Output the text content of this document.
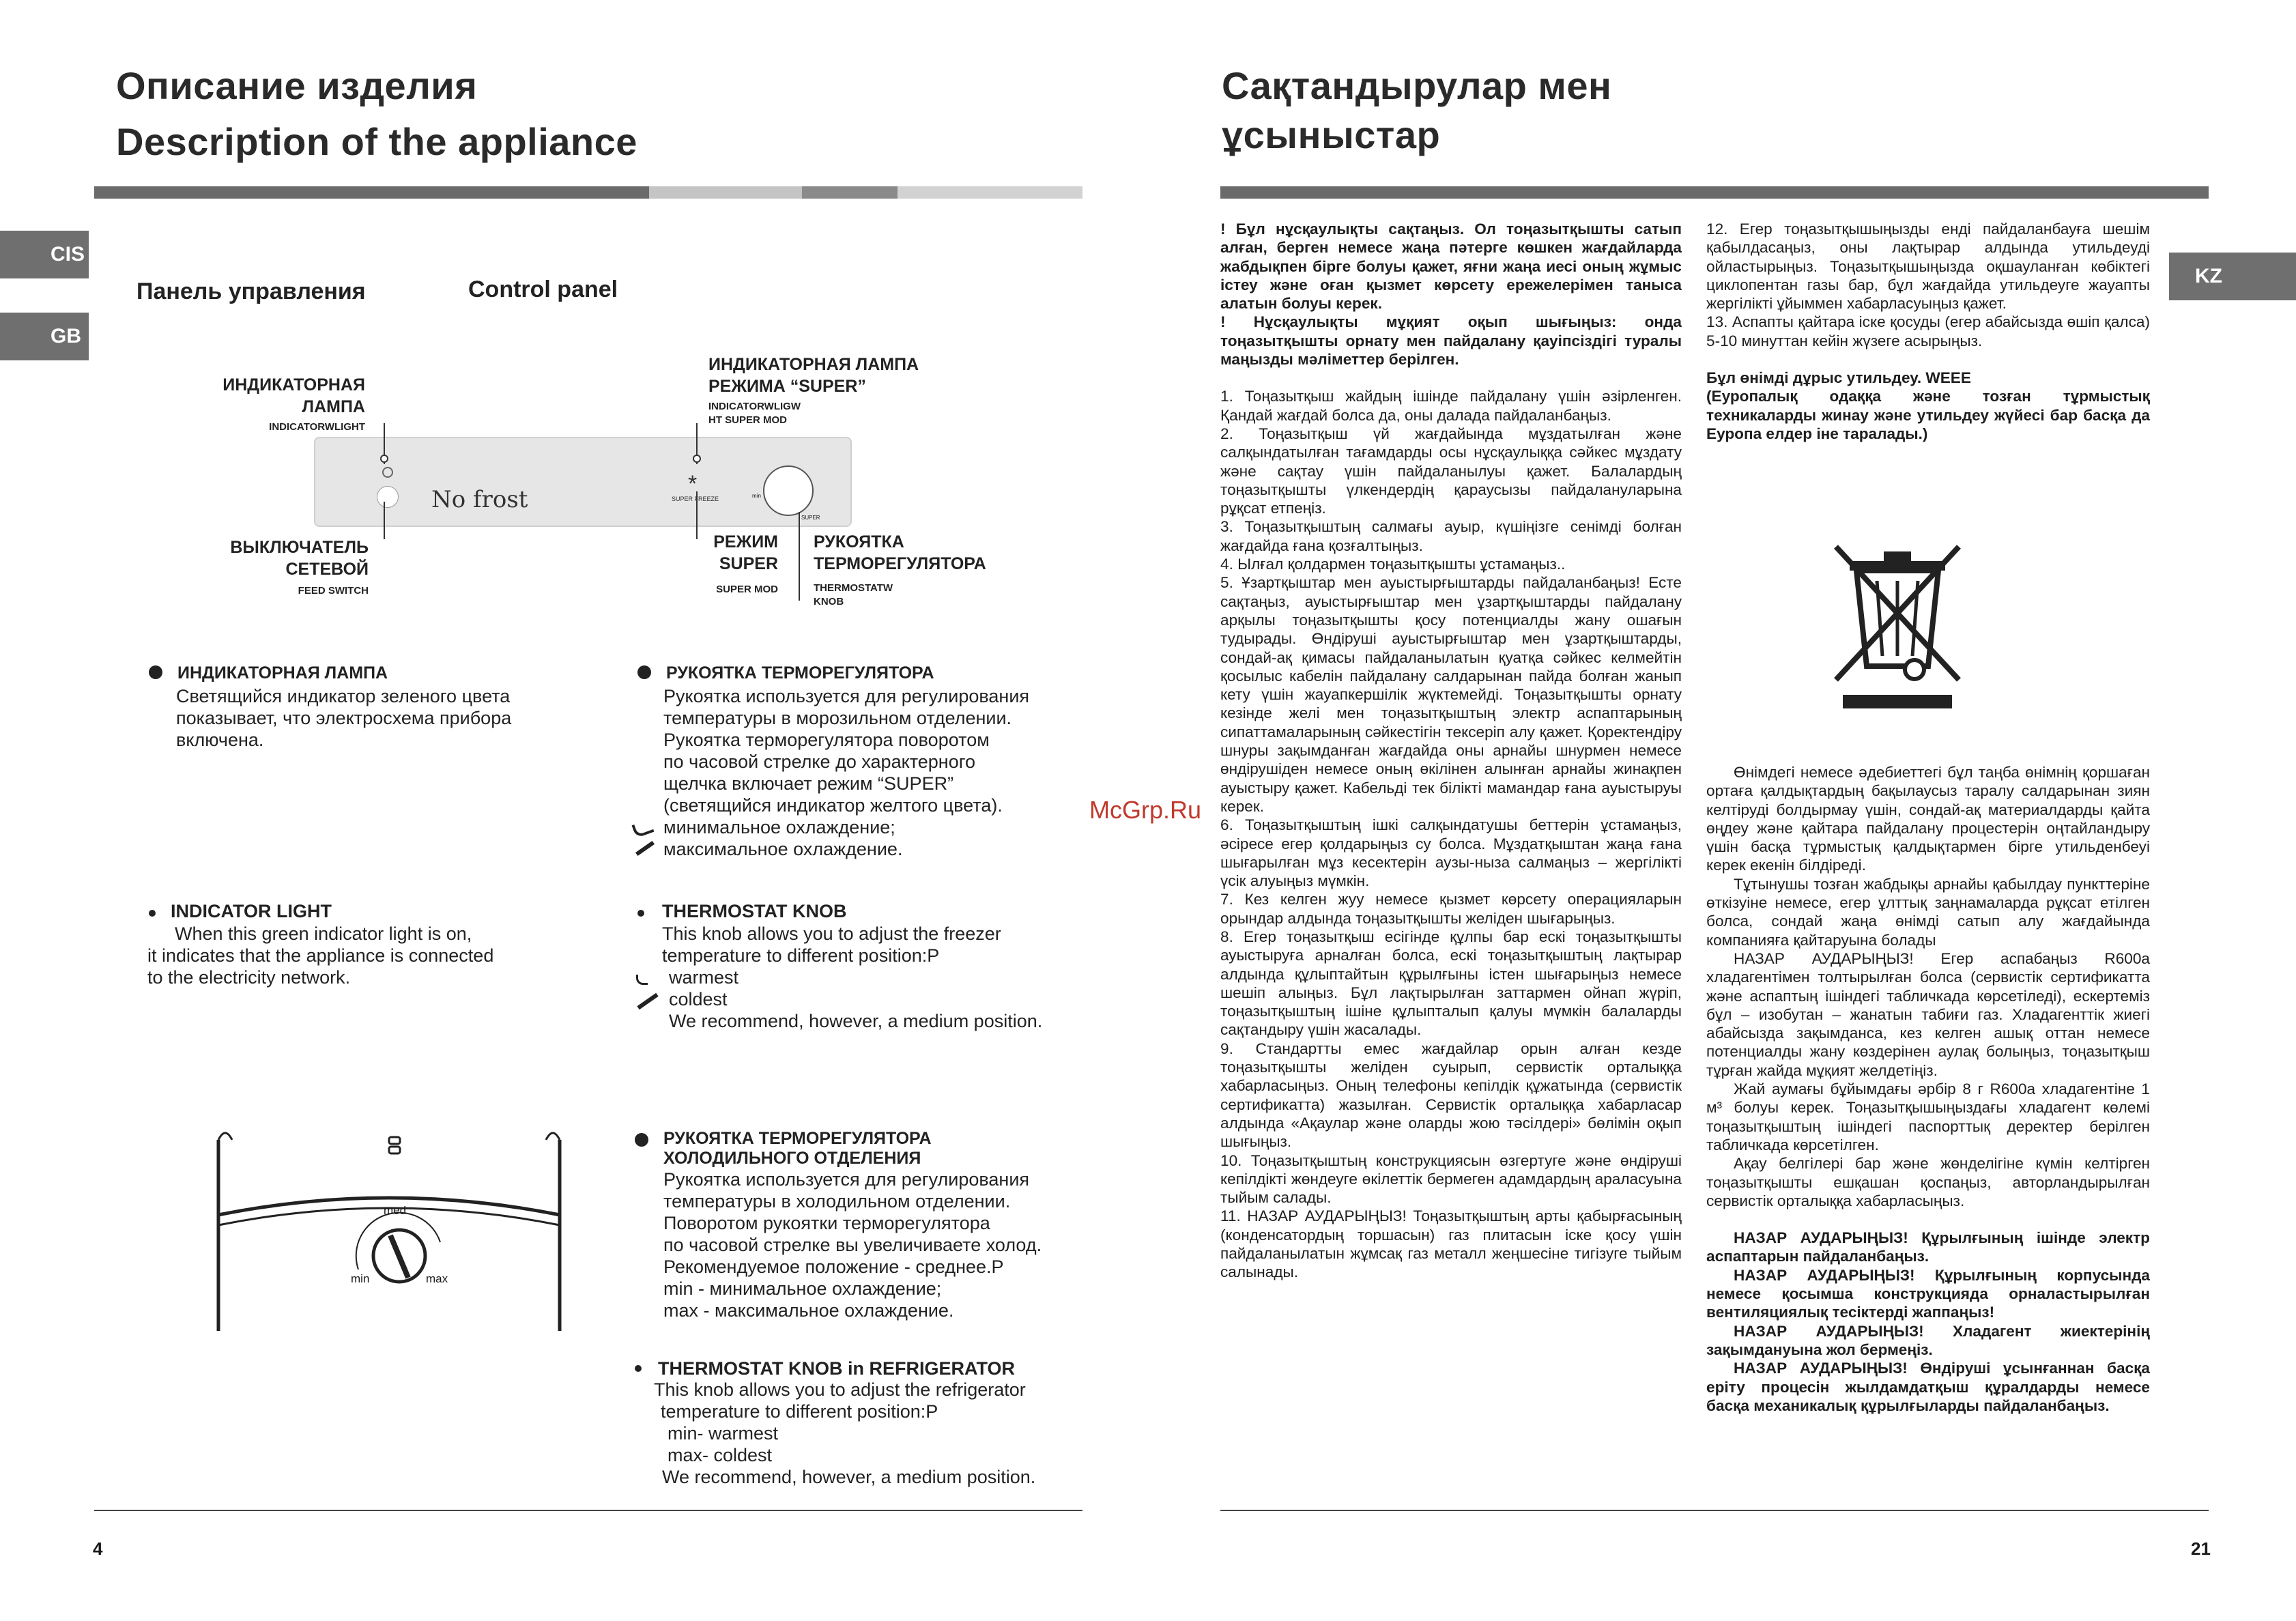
Описание изделия
Description of the appliance
CIS
GB
Панель управления	Control panel
ИНДИКАТОРНАЯ
ЛАМПА
INDICATORWLIGHT
ИНДИКАТОРНАЯ ЛАМПА
РЕЖИМА “SUPER”
INDICATORWLIGW
HT SUPER MOD
No frost
*
SUPER FREEZE	min
SUPER
ВЫКЛЮЧАТЕЛЬ
СЕТЕВОЙ
FEED SWITCH
РЕЖИМ
SUPER
SUPER MOD
РУКОЯТКА
ТЕРМОРЕГУЛЯТОРА
THERMOSTATW
KNOB
ИНДИКАТОРНАЯ ЛАМПА
Светящийся индикатор зеленого цвета
показывает, что электросхема прибора
включена.
INDICATOR LIGHT
When this green indicator light is on,
it indicates that the appliance is connected
to the electricity network.
РУКОЯТКА ТЕРМОРЕГУЛЯТОРА
Рукоятка используется для регулирования
температуры в морозильном отделении.
Рукоятка терморегулятора поворотом
по часовой стрелке до характерного
щелчка включает режим “SUPER”
(светящийся индикатор желтого цвета).
минимальное охлаждение;
максимальное охлаждение.
THERMOSTAT KNOB
This knob allows you to adjust the freezer
temperature to different position:P
warmest
coldest
We recommend, however, a medium position.
med
min	max
РУКОЯТКА ТЕРМОРЕГУЛЯТОРА
ХОЛОДИЛЬНОГО ОТДЕЛЕНИЯ
Рукоятка используется для регулирования
температуры в холодильном отделении.
Поворотом рукоятки терморегулятора
по часовой стрелке вы увеличиваете холод.
Рекомендуемое положение - среднее.P
min - минимальное охлаждение;
max - максимальное охлаждение.
THERMOSTAT KNOB in REFRIGERATOR
This knob allows you to adjust the refrigerator
temperature to different position:P
min- warmest
max- coldest
We recommend, however, a medium position.
4
McGrp.Ru
Сақтандырулар мен
ұсыныстар
KZ

! Бұл нұсқаулықты сақтаңыз. Ол тоңазытқышты сатып алған, берген немесе жаңа пәтерге көшкен жағдайларда жабдықпен бірге болуы қажет, яғни жаңа иесі оның жұмыс істеу және оған қызмет көрсету ережелерімен таныса алатын болуы керек.

! Нұсқаулықты мұқият оқып шығыңыз: онда тоңазытқышты орнату мен пайдалану қауіпсіздігі туралы маңызды мәліметтер берілген.

1. Тоңазытқыш жайдың ішінде пайдалану үшін әзірленген. Қандай жағдай болса да, оны далада пайдаланбаңыз.

2. Тоңазытқыш үй жағдайында мұздатылған және салқындатылған тағамдарды осы нұсқаулыққа сәйкес мұздату және сақтау үшін пайдаланылуы қажет. Балалардың тоңазытқышты үлкендердің қараусызы пайдалануларына рұқсат етпеңіз.

3. Тоңазытқыштың салмағы ауыр, күшіңізге сенімді болған жағдайда ғана қозғалтыңыз.

4. Ылғал қолдармен тоңазытқышты ұстамаңыз..

5. Ұзартқыштар мен ауыстырғыштарды пайдаланбаңыз! Есте сақтаңыз, ауыстырғыштар мен ұзартқыштарды пайдалану арқылы тоңазытқышты қосу потенциалды жану ошағын тудырады. Өндіруші ауыстырғыштар мен ұзартқыштарды, сондай-ақ қимасы пайдаланылатын қуатқа сәйкес келмейтін қосылыс кабелін пайдалану салдарынан пайда болған жанып кету үшін жауапкершілік жүктемейді. Тоңазытқышты орнату кезінде желі мен тоңазытқыштың электр аспаптарының сипаттамаларының сәйкестігін тексеріп алу қажет. Қоректендіру шнуры зақымданған жағдайда оны арнайы шнурмен немесе өндірушіден немесе оның өкілінен алынған арнайы жинақпен ауыстыру қажет. Кабельді тек білікті мамандар ғана ауыстыруы керек.

6. Тоңазытқыштың ішкі салқындатушы беттерін ұстамаңыз, әсіресе егер қолдарыңыз су болса. Мұздатқыштан жаңа ғана шығарылған мұз кесектерін аузы-ныза салмаңыз – жергілікті үсік алуыңыз мүмкін.

7. Кез келген жуу немесе қызмет көрсету операцияларын орындар алдында тоңазытқышты желіден шығарыңыз.

8. Егер тоңазытқыш есігінде құлпы бар ескі тоңазытқышты ауыстыруға арналған болса, ескі тоңазытқыштың лақтырар алдында құлыптайтын құрылғыны істен шығарыңыз немесе шешіп алыңыз. Бұл лақтырылған заттармен ойнап жүріп, тоңазытқыштың ішіне құлыпталып қалуы мүмкін балаларды сақтандыру үшін жасалады.

9. Стандартты емес жағдайлар орын алған кезде тоңазытқышты желіден суырып, сервистік орталыққа хабарласыңыз. Оның телефоны кепілдік құжатында (сервистік сертификатта) жазылған. Сервистік орталыққа хабарласар алдында «Ақаулар және оларды жою тәсілдері» бөлімін оқып шығыңыз.

10. Тоңазытқыштың конструкциясын өзгертуге және өндіруші кепілдікті жөндеуге өкілеттік бермеген адамдардың араласуына тыйым салады.

11. НАЗАР АУДАРЫҢЫЗ! Тоңазытқыштың арты қабырғасының (конденсатордың торшасын) газ плитасын іске қосу үшін пайдаланылатын жұмсақ газ металл жеңшесіне тигізуге тыйым салынады.

12. Егер тоңазытқышыңызды енді пайдаланбауға шешім қабылдасаңыз, оны лақтырар алдында утильдеуді ойластырыңыз. Тоңазытқышыңызда оқшауланған көбіктегі циклопентан газы бар, бұл жағдайда утильдеуге жауапты жергілікті ұйыммен хабарласуыңыз қажет.

13. Аспапты қайтара іске қосуды (егер абайсызда өшіп қалса) 5-10 минуттан кейін жүзеге асырыңыз.

Бұл өнімді дұрыс утильдеу. WEEE

(Еуропалық одаққа және тозған тұрмыстық техникаларды жинау және утильдеу жүйесі бар басқа да Еуропа елдер іне таралады.)

Өнімдегі немесе әдебиеттегі бұл таңба өнімнің қоршаған ортаға қалдықтардың бақылаусыз таралу салдарынан зиян келтіруді болдырмау үшін, сондай-ақ материалдарды қайта өңдеу және қайтара пайдалану процестерін оңтайландыру үшін басқа тұрмыстық қалдықтармен бірге утильденбеуі керек екенін білдіреді.

Тұтынушы тозған жабдықы арнайы қабылдау пункттеріне өткізуіне немесе, егер ұлттық заңнамаларда рұқсат етілген болса, сондай жаңа өнімді сатып алу жағдайында компанияға қайтаруына болады

НАЗАР АУДАРЫҢЫЗ! Егер аспабаңыз R600a хладагентімен толтырылған болса (сервистік сертификатта және аспаптың ішіндегі табличкада көрсетіледі), ескертеміз бұл – изобутан – жанатын табиғи газ. Хладагенттік жиегі абайсызда зақымданса, кез келген ашық оттан немесе потенциалды жану көздерінен аулақ болыңыз, тоңазытқыш тұрған жайда мұқият желдетіңіз.

Жай аумағы бұйымдағы әрбір 8 г R600a хладагентіне 1 м³ болуы керек. Тоңазытқышыңыздағы хладагент көлемі тоңазытқыштың ішіндегі паспорттық деректер берілген табличкада көрсетілген.

Ақау белгілері бар және жөнделігіне күмін келтірген тоңазытқышты ешқашан қоспаңыз, авторландырылған сервистік орталыққа хабарласыңыз.

НАЗАР АУДАРЫҢЫЗ! Құрылғының ішінде электр аспаптарын пайдаланбаңыз.

НАЗАР АУДАРЫҢЫЗ! Құрылғының корпусында немесе қосымша конструкцияда орналастырылған вентиляциялық тесіктерді жаппаңыз!

НАЗАР АУДАРЫҢЫЗ! Хладагент жиектерінің зақымдануына жол бермеңіз.

НАЗАР АУДАРЫҢЫЗ! Өндіруші ұсынғаннан басқа еріту процесін жылдамдатқыш құралдарды немесе басқа механикалық құрылғыларды пайдаланбаңыз.

21
